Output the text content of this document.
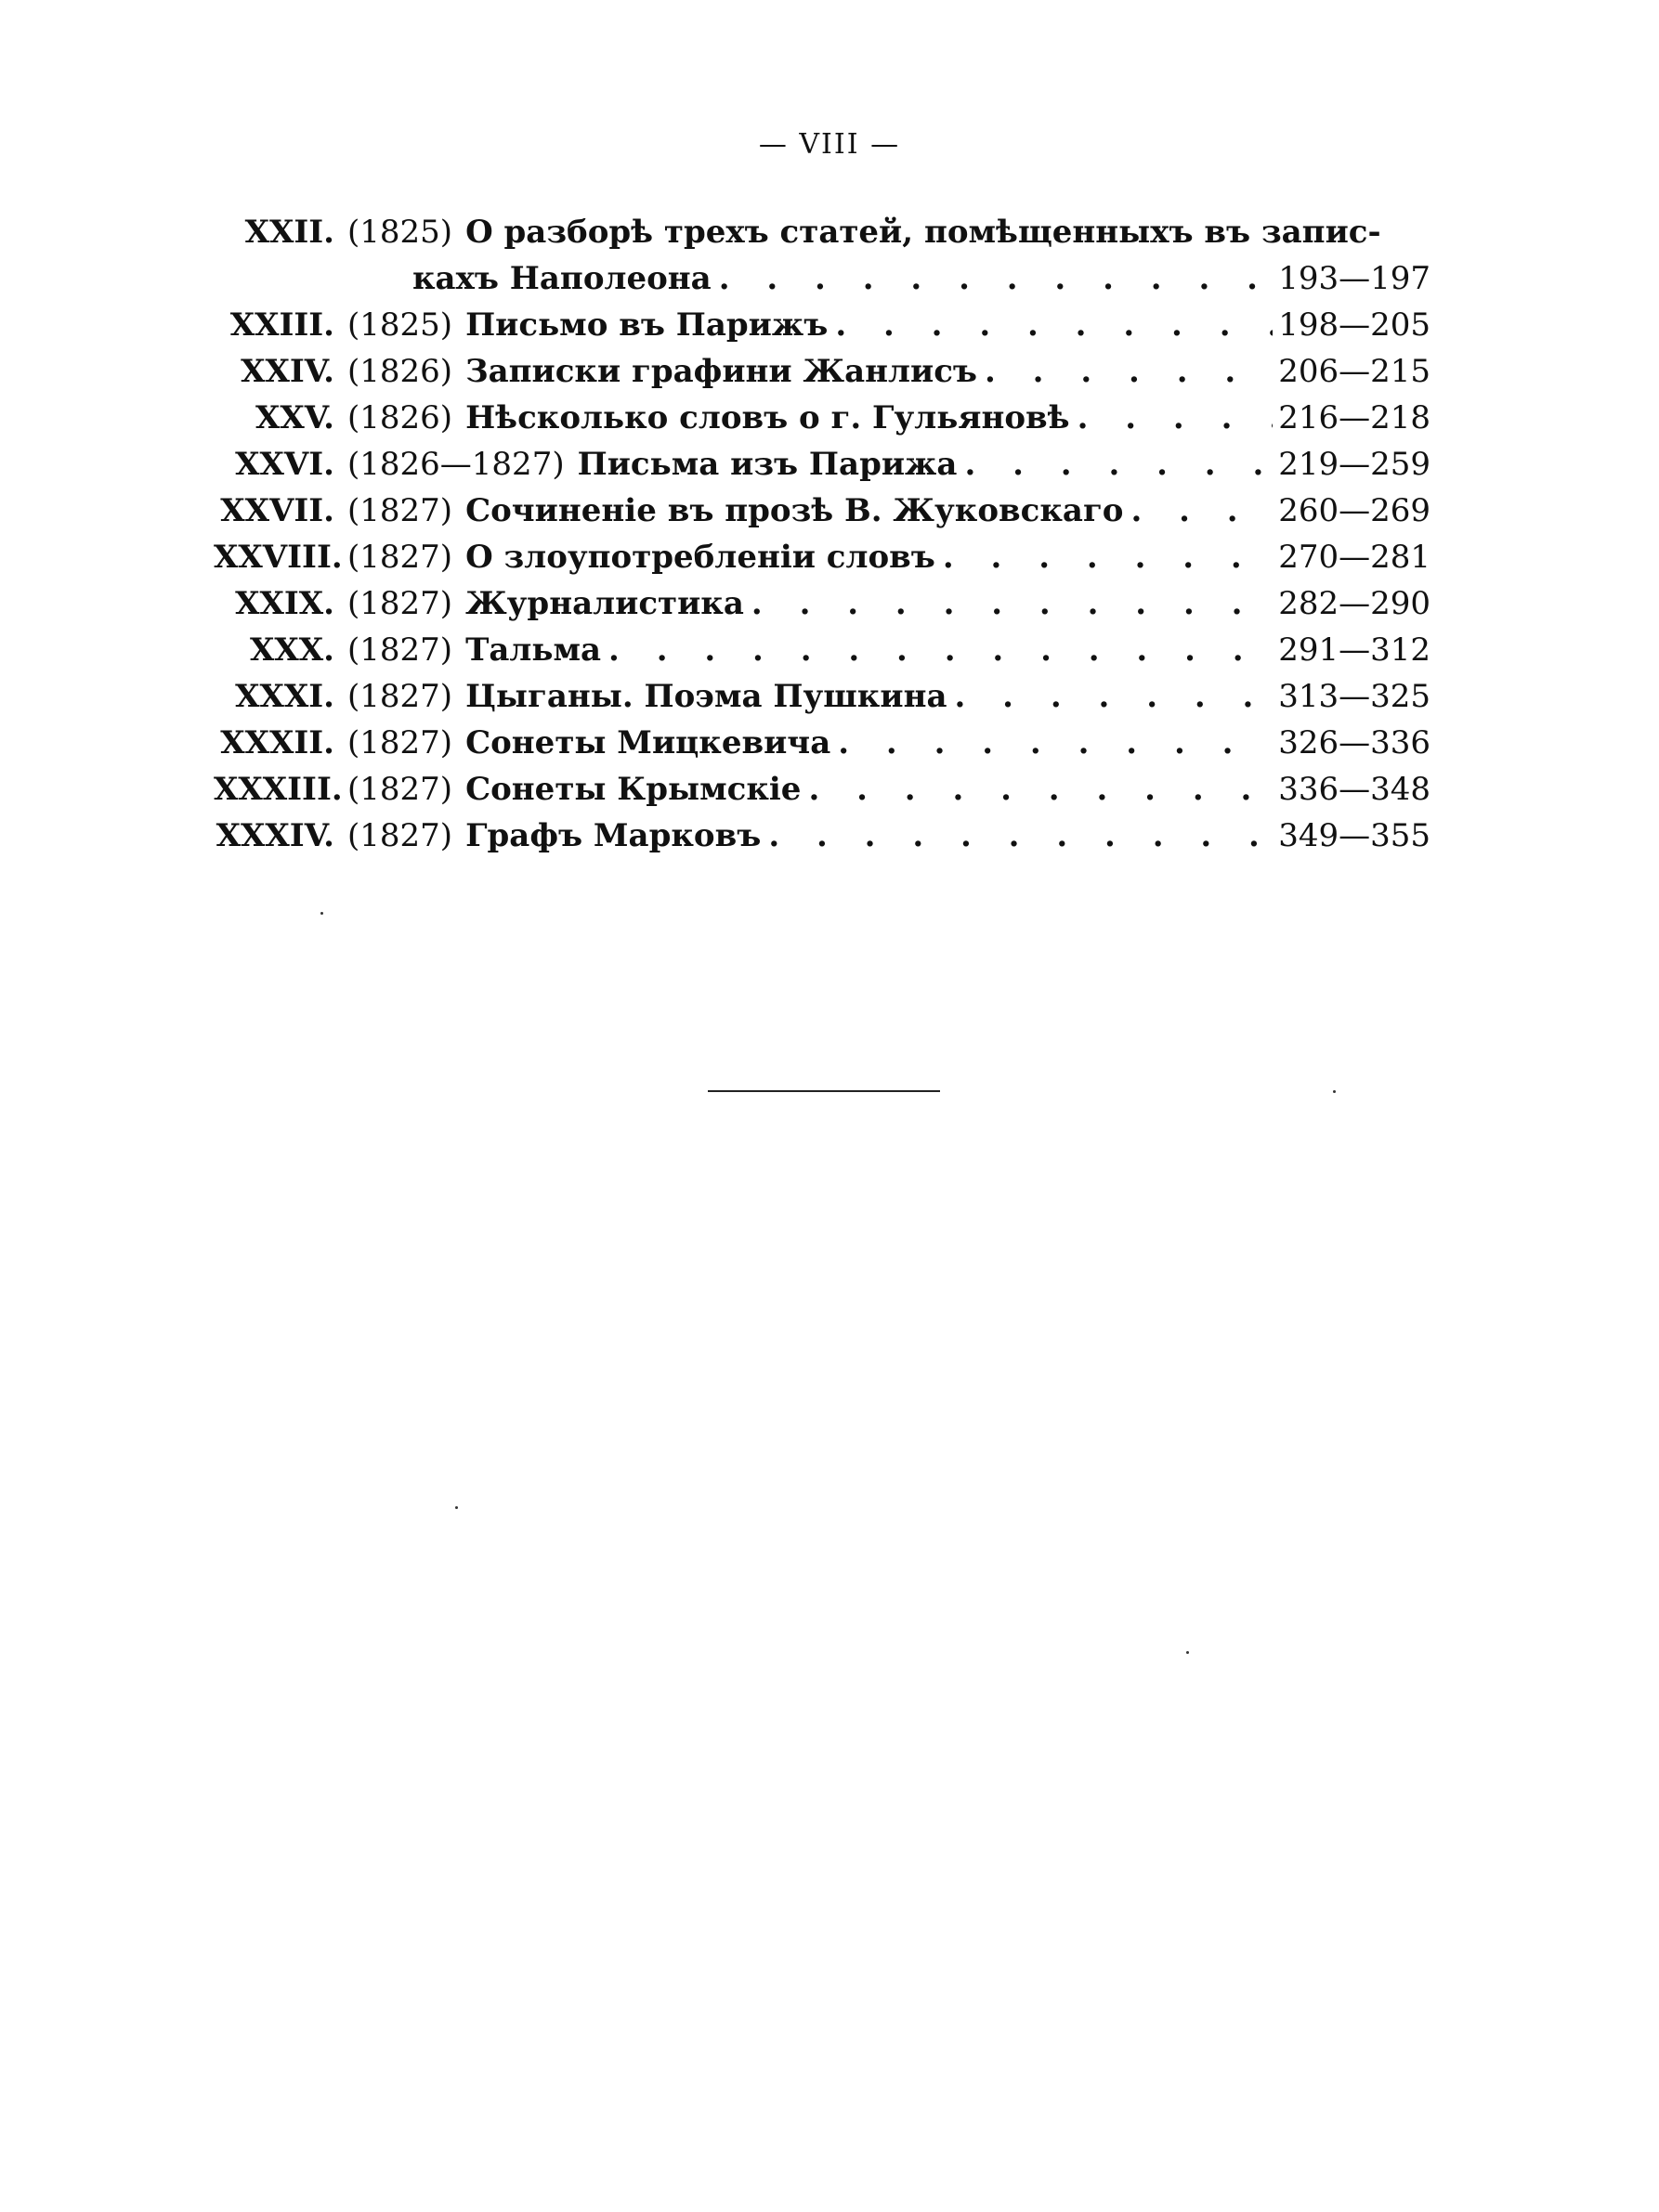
— VIII —
XXII. (1825) О разборѣ трехъ статей, помѣщенныхъ въ запис-
кахъ Наполеона . . .	193—197
XXIII. (1825) Письмо въ Парижъ . . .	198—205
XXIV. (1826) Записки графини Жанлисъ . . .	206—215
XXV. (1826) Нѣсколько словъ о г. Гульяновѣ . . .	216—218
XXVI. (1826—1827) Письма изъ Парижа . . .	219—259
XXVII. (1827) Сочиненіе въ прозѣ В. Жуковскаго . . .	260—269
XXVIII. (1827) О злоупотребленіи словъ . . .	270—281
XXIX. (1827) Журналистика . . .	282—290
XXX. (1827) Тальма . . .	291—312
XXXI. (1827) Цыганы. Поэма Пушкина . . .	313—325
XXXII. (1827) Сонеты Мицкевича . . .	326—336
XXXIII. (1827) Сонеты Крымскіе . . .	336—348
XXXIV. (1827) Графъ Марковъ . . .	349—355
